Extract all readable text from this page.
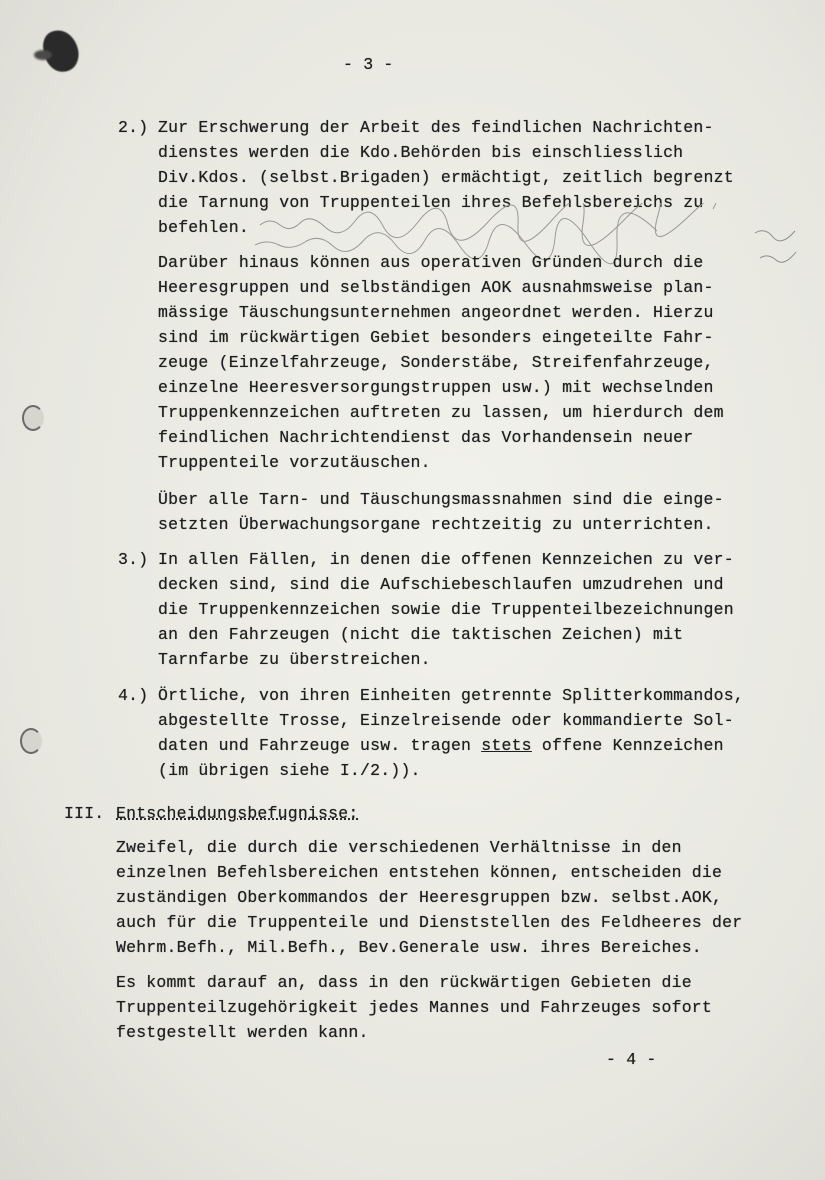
- 3 -
2.) Zur Erschwerung der Arbeit des feindlichen Nachrichten-
dienstes werden die Kdo.Behörden bis einschliesslich
Div.Kdos. (selbst.Brigaden) ermächtigt, zeitlich begrenzt
die Tarnung von Truppenteilen ihres Befehlsbereichs zu
befehlen.
Darüber hinaus können aus operativen Gründen durch die
Heeresgruppen und selbständigen AOK ausnahmsweise plan-
mässige Täuschungsunternehmen angeordnet werden. Hierzu
sind im rückwärtigen Gebiet besonders eingeteilte Fahr-
zeuge (Einzelfahrzeuge, Sonderstäbe, Streifenfahrzeuge,
einzelne Heeresversorgungstruppen usw.) mit wechselnden
Truppenkennzeichen auftreten zu lassen, um hierdurch dem
feindlichen Nachrichtendienst das Vorhandensein neuer
Truppenteile vorzutäuschen.
Über alle Tarn- und Täuschungsmassnahmen sind die einge-
setzten Überwachungsorgane rechtzeitig zu unterrichten.
3.) In allen Fällen, in denen die offenen Kennzeichen zu ver-
decken sind, sind die Aufschiebeschlaufen umzudrehen und
die Truppenkennzeichen sowie die Truppenteilbezeichnungen
an den Fahrzeugen (nicht die taktischen Zeichen) mit
Tarnfarbe zu überstreichen.
4.) Örtliche, von ihren Einheiten getrennte Splitterkommandos,
abgestellte Trosse, Einzelreisende oder kommandierte Sol-
daten und Fahrzeuge usw. tragen stets offene Kennzeichen
(im übrigen siehe I./2.)).
III. Entscheidungsbefugnisse:
Zweifel, die durch die verschiedenen Verhältnisse in den
einzelnen Befehlsbereichen entstehen können, entscheiden die
zuständigen Oberkommandos der Heeresgruppen bzw. selbst.AOK,
auch für die Truppenteile und Dienststellen des Feldheeres der
Wehrm.Befh., Mil.Befh., Bev.Generale usw. ihres Bereiches.
Es kommt darauf an, dass in den rückwärtigen Gebieten die
Truppenteilzugehörigkeit jedes Mannes und Fahrzeuges sofort
festgestellt werden kann.
- 4 -
